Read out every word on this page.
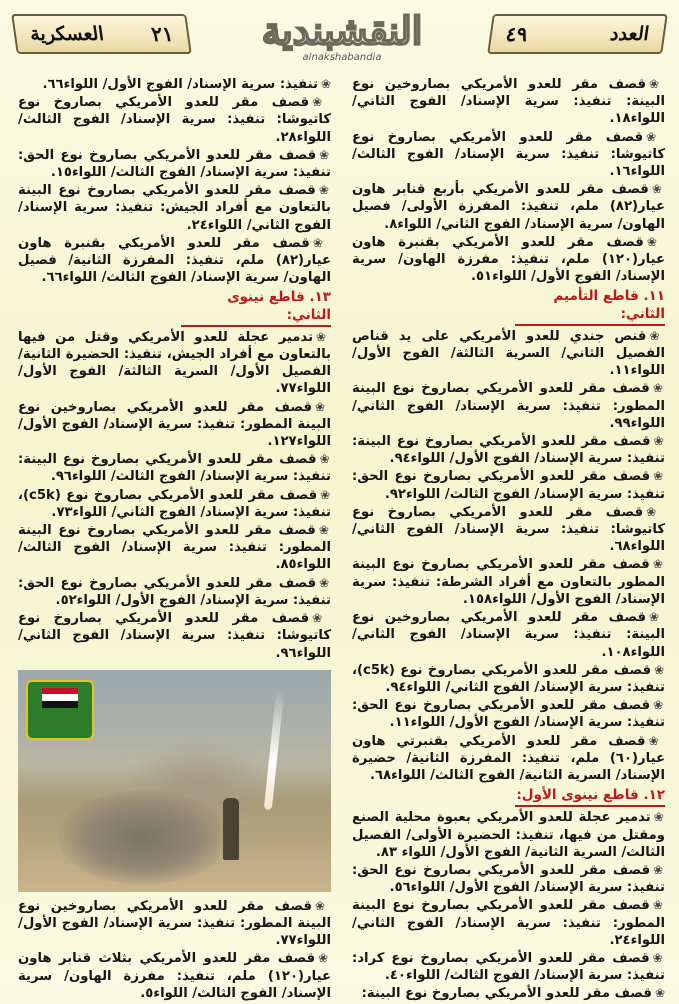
العدد
٤٩
النقشبندية
alnakshabandia
٢١
العسكرية
❀قصف مقر للعدو الأمريكي بصاروخين نوع البينة: تنفيذ: سرية الإسناد/ الفوج الثاني/ اللواء١٨.
❀قصف مقر للعدو الأمريكي بصاروخ نوع كاتيوشا: تنفيذ: سرية الإسناد/ الفوج الثالث/ اللواء١٦.
❀قصف مقر للعدو الأمريكي بأربع قنابر هاون عيار(٨٢) ملم، تنفيذ: المفرزة الأولى/ فصيل الهاون/ سرية الإسناد/ الفوج الثاني/ اللواء٨.
❀قصف مقر للعدو الأمريكي بقنبرة هاون عيار(١٢٠) ملم، تنفيذ: مفرزة الهاون/ سرية الإسناد/ الفوج الأول/ اللواء٥١.
١١. قاطع التأميم الثاني:
❀قنص جندي للعدو الأمريكي على يد قناص الفصيل الثاني/ السرية الثالثة/ الفوج الأول/ اللواء١١.
❀قصف مقر للعدو الأمريكي بصاروخ نوع البينة المطور: تنفيذ: سرية الإسناد/ الفوج الثاني/ اللواء٩٩.
❀قصف مقر للعدو الأمريكي بصاروخ نوع البينة: تنفيذ: سرية الإسناد/ الفوج الأول/ اللواء٩٤.
❀قصف مقر للعدو الأمريكي بصاروخ نوع الحق: تنفيذ: سرية الإسناد/ الفوج الثالث/ اللواء٩٢.
❀قصف مقر للعدو الأمريكي بصاروخ نوع كاتيوشا: تنفيذ: سرية الإسناد/ الفوج الثاني/ اللواء٦٨.
❀قصف مقر للعدو الأمريكي بصاروخ نوع البينة المطور بالتعاون مع أفراد الشرطة: تنفيذ: سرية الإسناد/ الفوج الأول/ اللواء١٥٨.
❀قصف مقر للعدو الأمريكي بصاروخين نوع البينة: تنفيذ: سرية الإسناد/ الفوج الثاني/ اللواء١٠٨.
❀قصف مقر للعدو الأمريكي بصاروخ نوع (c5k)، تنفيذ: سرية الإسناد/ الفوج الثاني/ اللواء٩٤.
❀قصف مقر للعدو الأمريكي بصاروخ نوع الحق: تنفيذ: سرية الإسناد/ الفوج الأول/ اللواء١١.
❀قصف مقر للعدو الأمريكي بقنبرتي هاون عيار(٦٠) ملم، تنفيذ: المفرزة الثانية/ حضيرة الإسناد/ السرية الثانية/ الفوج الثالث/ اللواء٦٨.
١٢. قاطع نينوى الأول:
❀تدمير عجلة للعدو الأمريكي بعبوة محلية الصنع ومقتل من فيها، تنفيذ: الحضيرة الأولى/ الفصيل الثالث/ السرية الثانية/ الفوج الأول/ اللواء ٨٣.
❀قصف مقر للعدو الأمريكي بصاروخ نوع الحق: تنفيذ: سرية الإسناد/ الفوج الأول/ اللواء٥٦.
❀قصف مقر للعدو الأمريكي بصاروخ نوع البينة المطور: تنفيذ: سرية الإسناد/ الفوج الثاني/ اللواء٢٤.
❀قصف مقر للعدو الأمريكي بصاروخ نوع كراد: تنفيذ: سرية الإسناد/ الفوج الثالث/ اللواء٤٠.
❀قصف مقر للعدو الأمريكي بصاروخ نوع البينة:
❀تنفيذ: سرية الإسناد/ الفوج الأول/ اللواء٦٦.
❀قصف مقر للعدو الأمريكي بصاروخ نوع كاتيوشا: تنفيذ: سرية الإسناد/ الفوج الثالث/ اللواء٢٨.
❀قصف مقر للعدو الأمريكي بصاروخ نوع الحق: تنفيذ: سرية الإسناد/ الفوج الثالث/ اللواء١٥.
❀قصف مقر للعدو الأمريكي بصاروخ نوع البينة بالتعاون مع أفراد الجيش: تنفيذ: سرية الإسناد/ الفوج الثاني/ اللواء٢٤.
❀قصف مقر للعدو الأمريكي بقنبرة هاون عيار(٨٢) ملم، تنفيذ: المفرزة الثانية/ فصيل الهاون/ سرية الإسناد/ الفوج الثالث/ اللواء٦٦.
١٣. قاطع نينوى الثاني:
❀تدمير عجلة للعدو الأمريكي وقتل من فيها بالتعاون مع أفراد الجيش، تنفيذ: الحضيرة الثانية/ الفصيل الأول/ السرية الثالثة/ الفوج الأول/ اللواء٧٧.
❀قصف مقر للعدو الأمريكي بصاروخين نوع البينة المطور: تنفيذ: سرية الإسناد/ الفوج الأول/ اللواء١٢٧.
❀قصف مقر للعدو الأمريكي بصاروخ نوع البينة: تنفيذ: سرية الإسناد/ الفوج الثالث/ اللواء٩٦.
❀قصف مقر للعدو الأمريكي بصاروخ نوع (c5k)، تنفيذ: سرية الإسناد/ الفوج الثاني/ اللواء٧٣.
❀قصف مقر للعدو الأمريكي بصاروخ نوع البينة المطور: تنفيذ: سرية الإسناد/ الفوج الثالث/ اللواء٨٥.
❀قصف مقر للعدو الأمريكي بصاروخ نوع الحق: تنفيذ: سرية الإسناد/ الفوج الأول/ اللواء٥٢.
❀قصف مقر للعدو الأمريكي بصاروخ نوع كاتيوشا: تنفيذ: سرية الإسناد/ الفوج الثاني/ اللواء٩٦.
❀قصف مقر للعدو الأمريكي بصاروخين نوع البينة المطور: تنفيذ: سرية الإسناد/ الفوج الأول/ اللواء٧٧.
❀قصف مقر للعدو الأمريكي بثلاث قنابر هاون عيار(١٢٠) ملم، تنفيذ: مفرزة الهاون/ سرية الإسناد/ الفوج الثالث/ اللواء٥.
